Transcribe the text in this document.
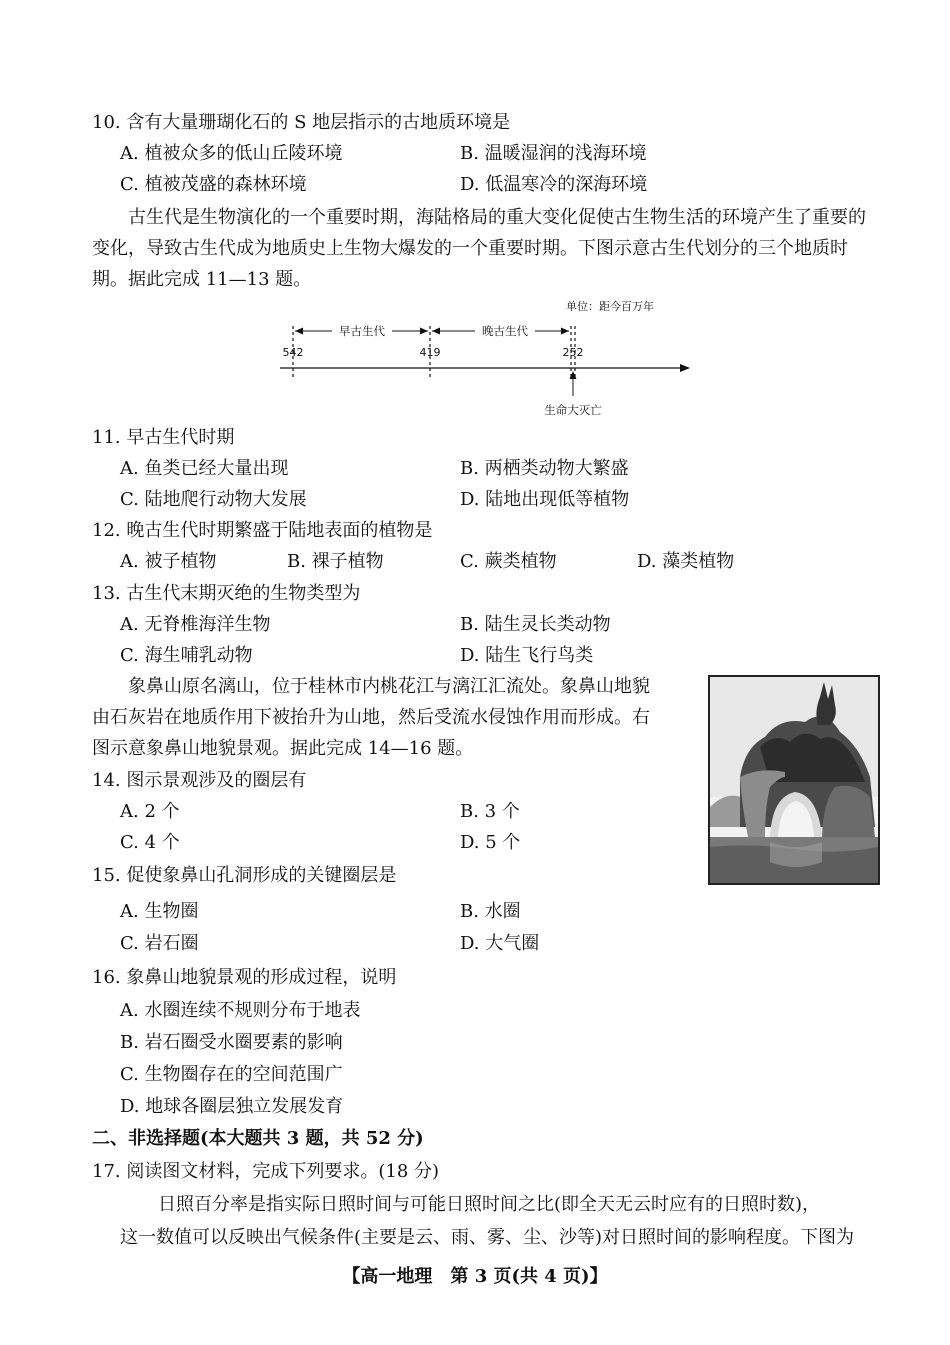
10. 含有大量珊瑚化石的 S 地层指示的古地质环境是
A. 植被众多的低山丘陵环境	B. 温暖湿润的浅海环境
C. 植被茂盛的森林环境	D. 低温寒冷的深海环境
古生代是生物演化的一个重要时期，海陆格局的重大变化促使古生物生活的环境产生了重要的变化，导致古生代成为地质史上生物大爆发的一个重要时期。下图示意古生代划分的三个地质时期。据此完成 11—13 题。
单位：距今百万年
早古生代	晚古生代
542	419	252
生命大灭亡
11. 早古生代时期
A. 鱼类已经大量出现	B. 两栖类动物大繁盛
C. 陆地爬行动物大发展	D. 陆地出现低等植物
12. 晚古生代时期繁盛于陆地表面的植物是
A. 被子植物	B. 裸子植物	C. 蕨类植物	D. 藻类植物
13. 古生代末期灭绝的生物类型为
A. 无脊椎海洋生物	B. 陆生灵长类动物
C. 海生哺乳动物	D. 陆生飞行鸟类
象鼻山原名漓山，位于桂林市内桃花江与漓江汇流处。象鼻山地貌
由石灰岩在地质作用下被抬升为山地，然后受流水侵蚀作用而形成。右
图示意象鼻山地貌景观。据此完成 14—16 题。
14. 图示景观涉及的圈层有
A. 2 个	B. 3 个
C. 4 个	D. 5 个
15. 促使象鼻山孔洞形成的关键圈层是
A. 生物圈	B. 水圈
C. 岩石圈	D. 大气圈
16. 象鼻山地貌景观的形成过程，说明
A. 水圈连续不规则分布于地表
B. 岩石圈受水圈要素的影响
C. 生物圈存在的空间范围广
D. 地球各圈层独立发展发育
二、非选择题(本大题共 3 题，共 52 分)
17. 阅读图文材料，完成下列要求。(18 分)
日照百分率是指实际日照时间与可能日照时间之比(即全天无云时应有的日照时数)，
这一数值可以反映出气候条件(主要是云、雨、雾、尘、沙等)对日照时间的影响程度。下图为
【高一地理　第 3 页(共 4 页)】
